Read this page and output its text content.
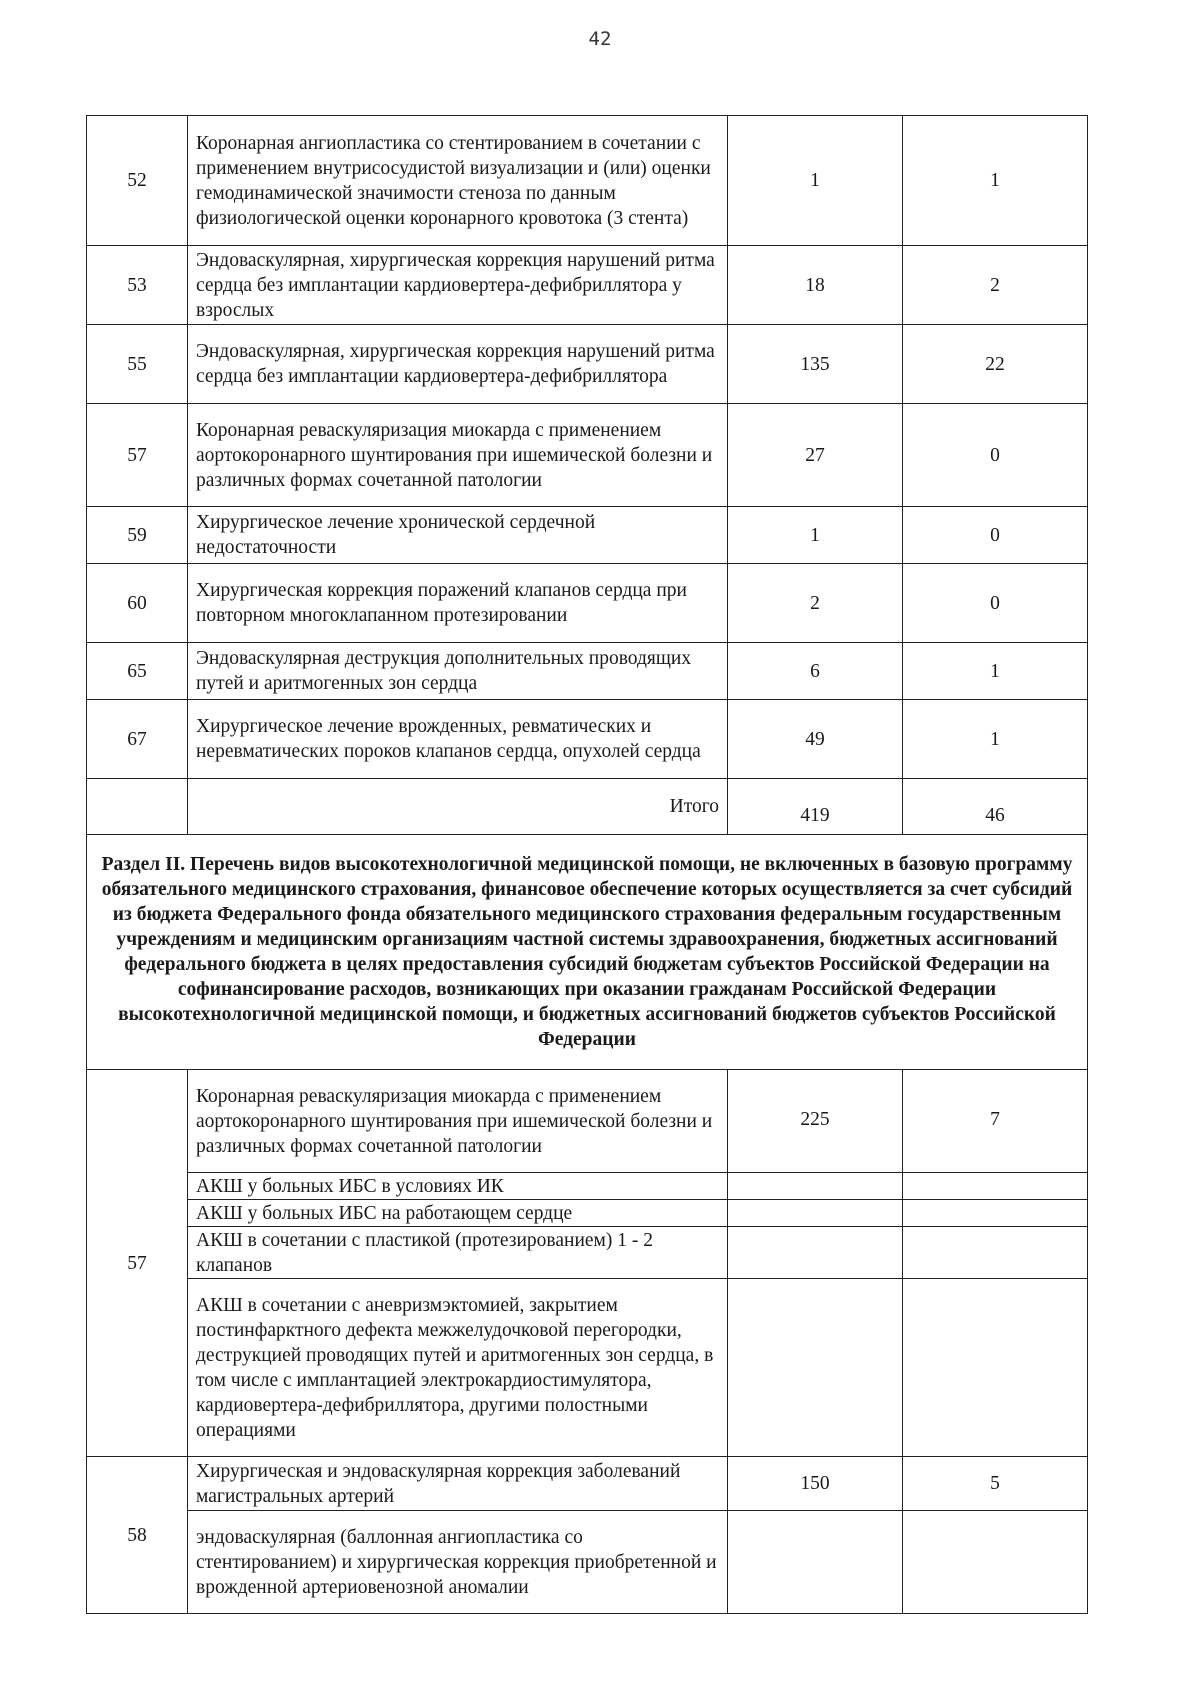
42
52	Коронарная ангиопластика со стентированием в сочетании с применением внутрисосудистой визуализации и (или) оценки гемодинамической значимости стеноза по данным физиологической оценки коронарного кровотока (3 стента)	1	1
53	Эндоваскулярная, хирургическая коррекция нарушений ритма сердца без имплантации кардиовертера-дефибриллятора у взрослых	18	2
55	Эндоваскулярная, хирургическая коррекция нарушений ритма сердца без имплантации кардиовертера-дефибриллятора	135	22
57	Коронарная реваскуляризация миокарда с применением аортокоронарного шунтирования при ишемической болезни и различных формах сочетанной патологии	27	0
59	Хирургическое лечение хронической сердечной недостаточности	1	0
60	Хирургическая коррекция поражений клапанов сердца при повторном многоклапанном протезировании	2	0
65	Эндоваскулярная деструкция дополнительных проводящих путей и аритмогенных зон сердца	6	1
67	Хирургическое лечение врожденных, ревматических и неревматических пороков клапанов сердца, опухолей сердца	49	1
	Итого	419	46
Раздел II. Перечень видов высокотехнологичной медицинской помощи, не включенных в базовую программу обязательного медицинского страхования, финансовое обеспечение которых осуществляется за счет субсидий из бюджета Федерального фонда обязательного медицинского страхования федеральным государственным учреждениям и медицинским организациям частной системы здравоохранения, бюджетных ассигнований федерального бюджета в целях предоставления субсидий бюджетам субъектов Российской Федерации на софинансирование расходов, возникающих при оказании гражданам Российской Федерации высокотехнологичной медицинской помощи, и бюджетных ассигнований бюджетов субъектов Российской Федерации			
57	Коронарная реваскуляризация миокарда с применением аортокоронарного шунтирования при ишемической болезни и различных формах сочетанной патологии	225	7
	АКШ у больных ИБС в условиях ИК		
	АКШ у больных ИБС на работающем сердце		
	АКШ в сочетании с пластикой (протезированием) 1 - 2 клапанов		
	АКШ в сочетании с аневризмэктомией, закрытием постинфарктного дефекта межжелудочковой перегородки, деструкцией проводящих путей и аритмогенных зон сердца, в том числе с имплантацией электрокардиостимулятора, кардиовертера-дефибриллятора, другими полостными операциями		
58	Хирургическая и эндоваскулярная коррекция заболеваний магистральных артерий	150	5
	эндоваскулярная (баллонная ангиопластика со стентированием) и хирургическая коррекция приобретенной и врожденной артериовенозной аномалии		
